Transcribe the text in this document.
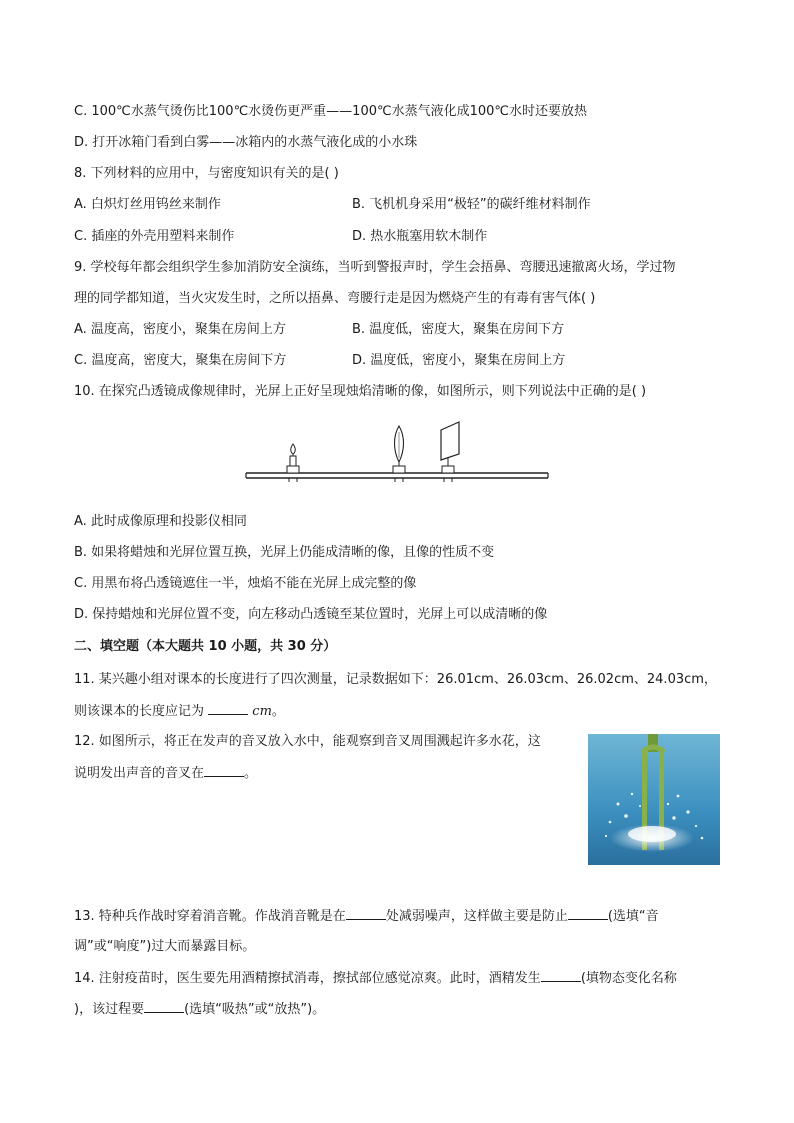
C. 100℃水蒸气烫伤比100℃水烫伤更严重——100℃水蒸气液化成100℃水时还要放热
D. 打开冰箱门看到白雾——冰箱内的水蒸气液化成的小水珠
8. 下列材料的应用中，与密度知识有关的是( )
A. 白炽灯丝用钨丝来制作	B. 飞机机身采用“极轻”的碳纤维材料制作
C. 插座的外壳用塑料来制作	D. 热水瓶塞用软木制作
9. 学校每年都会组织学生参加消防安全演练，当听到警报声时，学生会捂鼻、弯腰迅速撤离火场，学过物
理的同学都知道，当火灾发生时，之所以捂鼻、弯腰行走是因为燃烧产生的有毒有害气体( )
A. 温度高，密度小，聚集在房间上方	B. 温度低，密度大，聚集在房间下方
C. 温度高，密度大，聚集在房间下方	D. 温度低，密度小，聚集在房间上方
10. 在探究凸透镜成像规律时，光屏上正好呈现烛焰清晰的像，如图所示，则下列说法中正确的是( )
A. 此时成像原理和投影仪相同
B. 如果将蜡烛和光屏位置互换，光屏上仍能成清晰的像，且像的性质不变
C. 用黑布将凸透镜遮住一半，烛焰不能在光屏上成完整的像
D. 保持蜡烛和光屏位置不变，向左移动凸透镜至某位置时，光屏上可以成清晰的像
二、填空题（本大题共 10 小题，共 30 分）
11. 某兴趣小组对课本的长度进行了四次测量，记录数据如下：26.01cm、26.03cm、26.02cm、24.03cm，
则该课本的长度应记为	cm。
12. 如图所示，将正在发声的音叉放入水中，能观察到音叉周围溅起许多水花，这
说明发出声音的音叉在	。
13. 特种兵作战时穿着消音靴。作战消音靴是在	处减弱噪声，这样做主要是防止	(选填“音
调”或“响度”)过大而暴露目标。
14. 注射疫苗时，医生要先用酒精擦拭消毒，擦拭部位感觉凉爽。此时，酒精发生	(填物态变化名称
)，该过程要	(选填“吸热”或“放热”)。
